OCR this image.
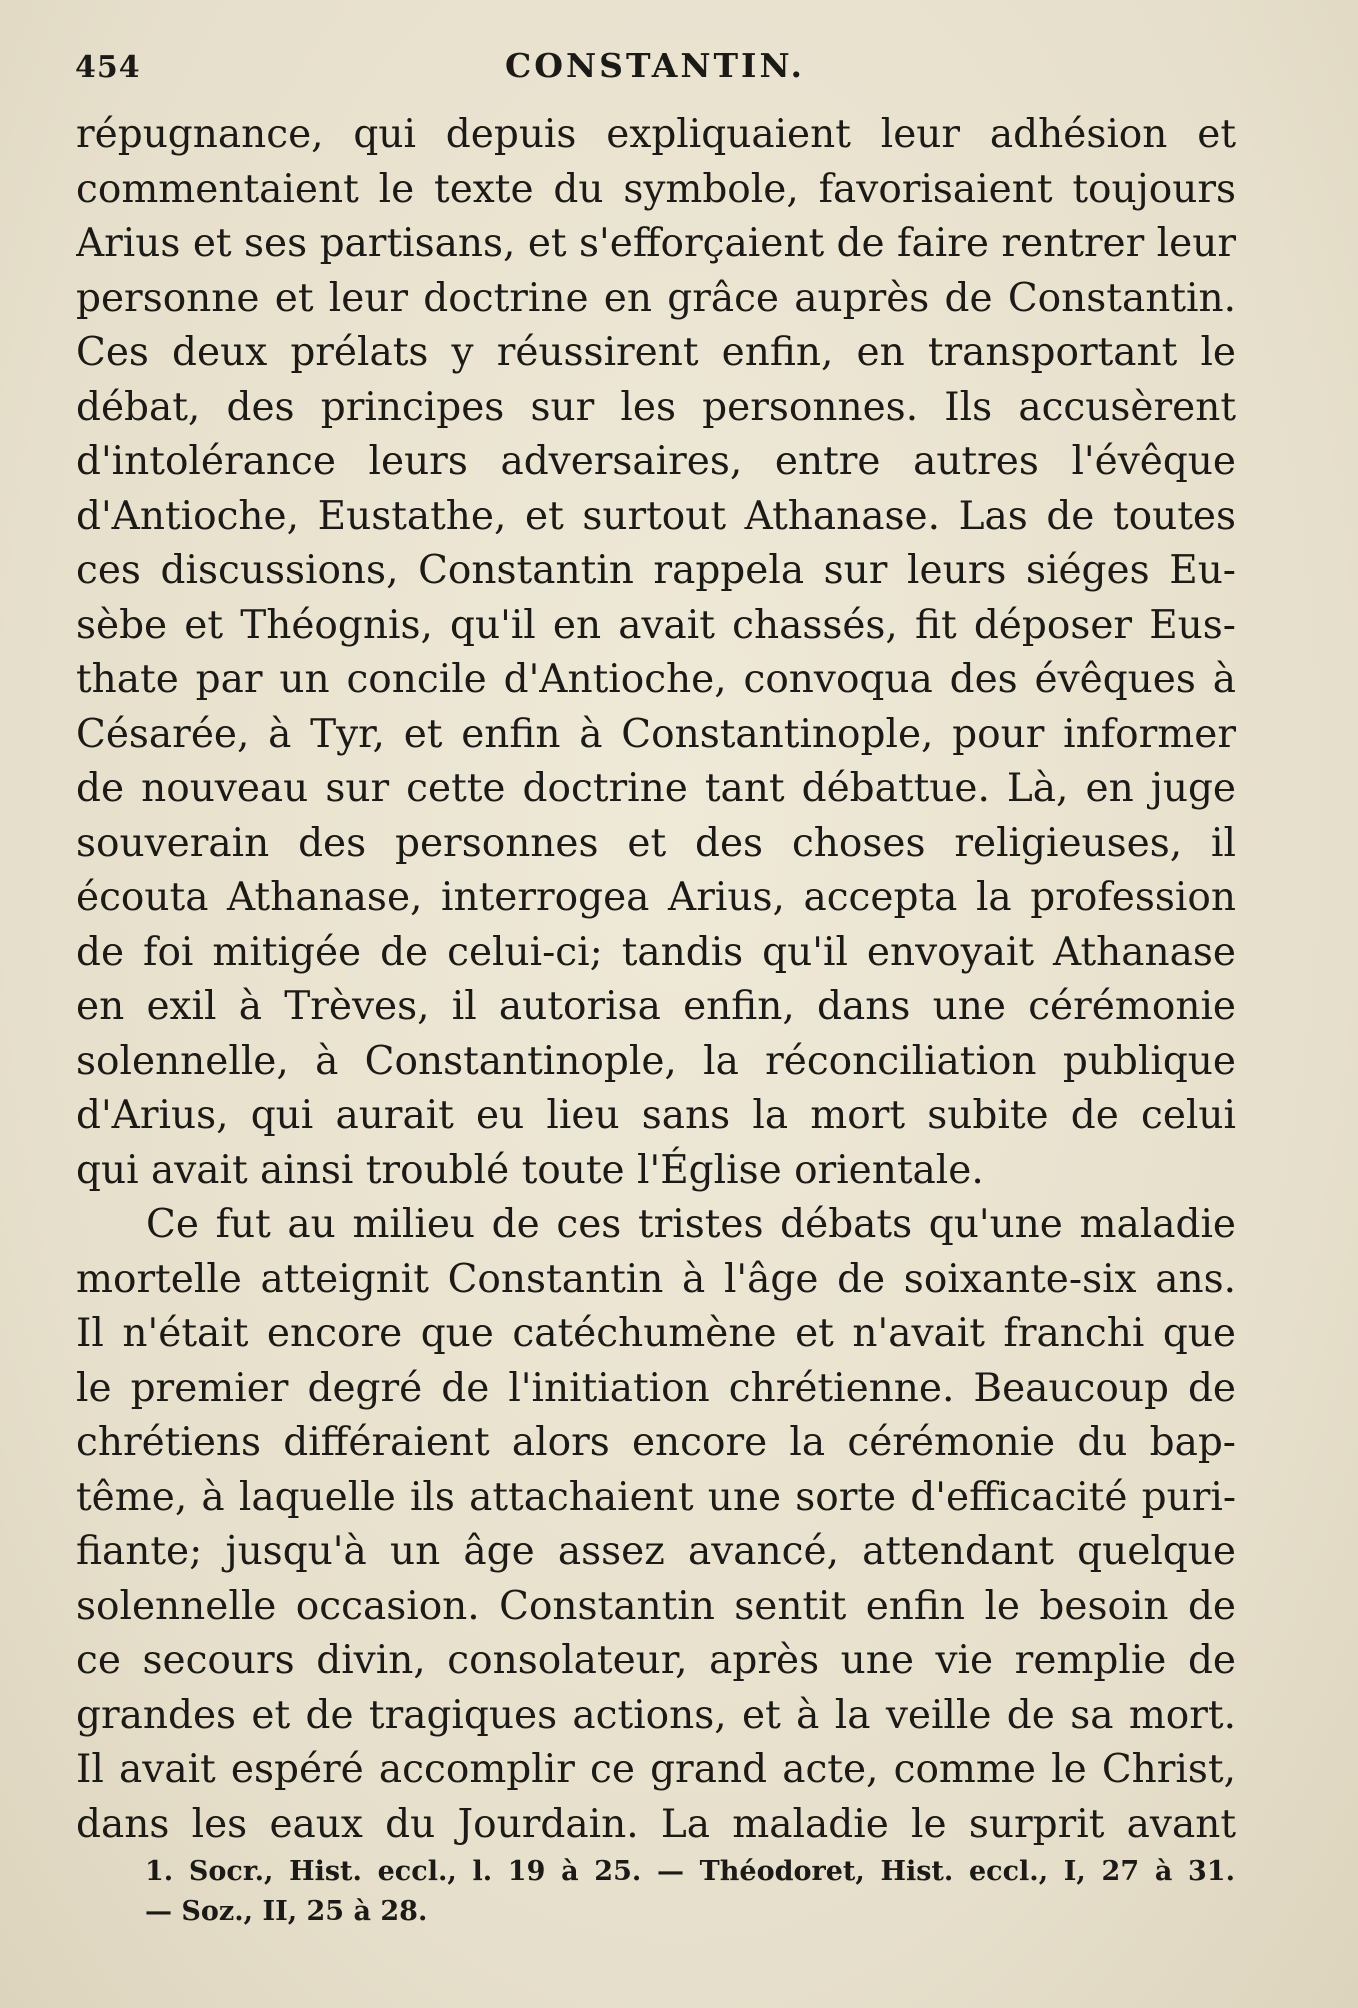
454	CONSTANTIN.
répugnance, qui depuis expliquaient leur adhésion et
commentaient le texte du symbole, favorisaient toujours
Arius et ses partisans, et s'efforçaient de faire rentrer leur
personne et leur doctrine en grâce auprès de Constantin.
Ces deux prélats y réussirent enfin, en transportant le
débat, des principes sur les personnes. Ils accusèrent
d'intolérance leurs adversaires, entre autres l'évêque
d'Antioche, Eustathe, et surtout Athanase. Las de toutes
ces discussions, Constantin rappela sur leurs siéges Eu-
sèbe et Théognis, qu'il en avait chassés, fit déposer Eus-
thate par un concile d'Antioche, convoqua des évêques à
Césarée, à Tyr, et enfin à Constantinople, pour informer
de nouveau sur cette doctrine tant débattue. Là, en juge
souverain des personnes et des choses religieuses, il
écouta Athanase, interrogea Arius, accepta la profession
de foi mitigée de celui-ci; tandis qu'il envoyait Athanase
en exil à Trèves, il autorisa enfin, dans une cérémonie
solennelle, à Constantinople, la réconciliation publique
d'Arius, qui aurait eu lieu sans la mort subite de celui
qui avait ainsi troublé toute l'Église orientale.
Ce fut au milieu de ces tristes débats qu'une maladie
mortelle atteignit Constantin à l'âge de soixante-six ans.
Il n'était encore que catéchumène et n'avait franchi que
le premier degré de l'initiation chrétienne. Beaucoup de
chrétiens différaient alors encore la cérémonie du bap-
tême, à laquelle ils attachaient une sorte d'efficacité puri-
fiante; jusqu'à un âge assez avancé, attendant quelque
solennelle occasion. Constantin sentit enfin le besoin de
ce secours divin, consolateur, après une vie remplie de
grandes et de tragiques actions, et à la veille de sa mort.
Il avait espéré accomplir ce grand acte, comme le Christ,
dans les eaux du Jourdain. La maladie le surprit avant
1. Socr., Hist. eccl., l. 19 à 25. — Théodoret, Hist. eccl., I, 27 à 31.
— Soz., II, 25 à 28.
